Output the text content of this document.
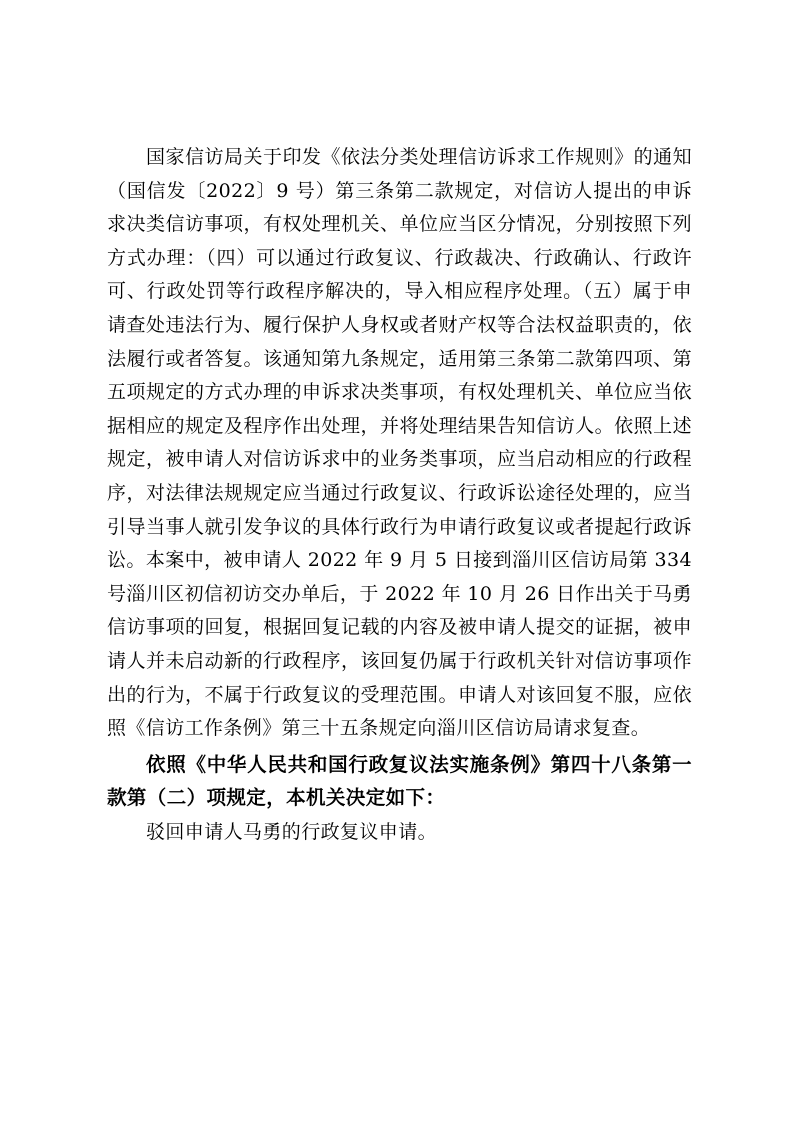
国家信访局关于印发《依法分类处理信访诉求工作规则》的通知（国信发〔2022〕9 号）第三条第二款规定，对信访人提出的申诉求决类信访事项，有权处理机关、单位应当区分情况，分别按照下列方式办理：（四）可以通过行政复议、行政裁决、行政确认、行政许可、行政处罚等行政程序解决的，导入相应程序处理。（五）属于申请查处违法行为、履行保护人身权或者财产权等合法权益职责的，依法履行或者答复。该通知第九条规定，适用第三条第二款第四项、第五项规定的方式办理的申诉求决类事项，有权处理机关、单位应当依据相应的规定及程序作出处理，并将处理结果告知信访人。依照上述规定，被申请人对信访诉求中的业务类事项，应当启动相应的行政程序，对法律法规规定应当通过行政复议、行政诉讼途径处理的，应当引导当事人就引发争议的具体行政行为申请行政复议或者提起行政诉讼。本案中，被申请人 2022 年 9 月 5 日接到淄川区信访局第 334 号淄川区初信初访交办单后，于 2022 年 10 月 26 日作出关于马勇信访事项的回复，根据回复记载的内容及被申请人提交的证据，被申请人并未启动新的行政程序，该回复仍属于行政机关针对信访事项作出的行为，不属于行政复议的受理范围。申请人对该回复不服，应依照《信访工作条例》第三十五条规定向淄川区信访局请求复查。

依照《中华人民共和国行政复议法实施条例》第四十八条第一款第（二）项规定，本机关决定如下：

驳回申请人马勇的行政复议申请。
